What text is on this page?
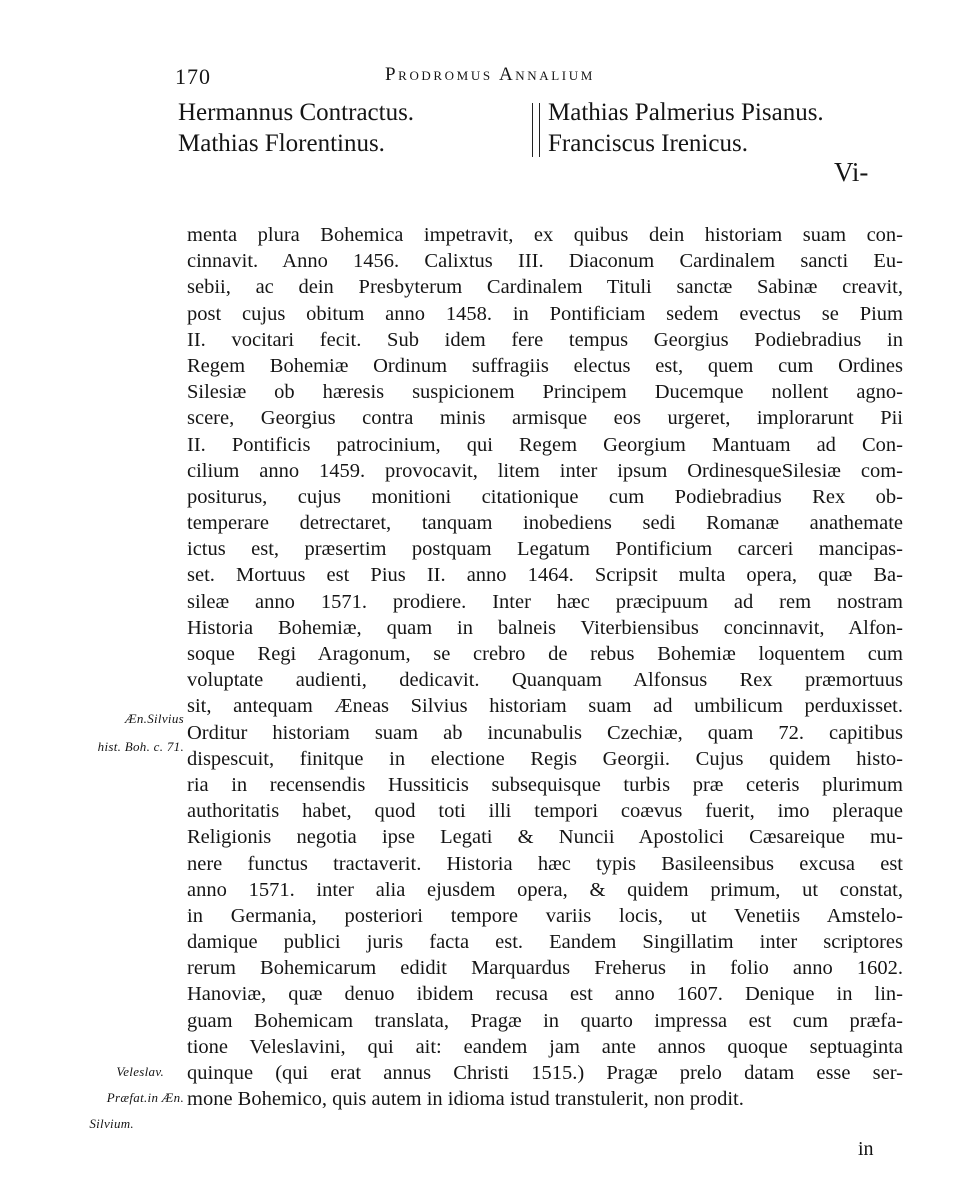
170	Prodromus Annalium
Hermannus Contractus.
Mathias Florentinus.
Mathias Palmerius Pisanus.
Franciscus Irenicus.
Vi-
menta plura Bohemica impetravit, ex quibus dein historiam suam con-
cinnavit. Anno 1456. Calixtus III. Diaconum Cardinalem sancti Eu-
sebii, ac dein Presbyterum Cardinalem Tituli sanctæ Sabinæ creavit,
post cujus obitum anno 1458. in Pontificiam sedem evectus se Pium
II. vocitari fecit. Sub idem fere tempus Georgius Podiebradius in
Regem Bohemiæ Ordinum suffragiis electus est, quem cum Ordines
Silesiæ ob hæresis suspicionem Principem Ducemque nollent agno-
scere, Georgius contra minis armisque eos urgeret, implorarunt Pii
II. Pontificis patrocinium, qui Regem Georgium Mantuam ad Con-
cilium anno 1459. provocavit, litem inter ipsum OrdinesqueSilesiæ com-
positurus, cujus monitioni citationique cum Podiebradius Rex ob-
temperare detrectaret, tanquam inobediens sedi Romanæ anathemate
ictus est, præsertim postquam Legatum Pontificium carceri mancipas-
set. Mortuus est Pius II. anno 1464. Scripsit multa opera, quæ Ba-
sileæ anno 1571. prodiere. Inter hæc præcipuum ad rem nostram
Historia Bohemiæ, quam in balneis Viterbiensibus concinnavit, Alfon-
soque Regi Aragonum, se crebro de rebus Bohemiæ loquentem cum
voluptate audienti, dedicavit. Quanquam Alfonsus Rex præmortuus
sit, antequam Æneas Silvius historiam suam ad umbilicum perduxisset.
Orditur historiam suam ab incunabulis Czechiæ, quam 72. capitibus
dispescuit, finitque in electione Regis Georgii. Cujus quidem histo-
ria in recensendis Hussiticis subsequisque turbis præ ceteris plurimum
authoritatis habet, quod toti illi tempori coævus fuerit, imo pleraque
Religionis negotia ipse Legati & Nuncii Apostolici Cæsareique mu-
nere functus tractaverit. Historia hæc typis Basileensibus excusa est
anno 1571. inter alia ejusdem opera, & quidem primum, ut constat,
in Germania, posteriori tempore variis locis, ut Venetiis Amstelo-
damique publici juris facta est. Eandem Singillatim inter scriptores
rerum Bohemicarum edidit Marquardus Freherus in folio anno 1602.
Hanoviæ, quæ denuo ibidem recusa est anno 1607. Denique in lin-
guam Bohemicam translata, Pragæ in quarto impressa est cum præfa-
tione Veleslavini, qui ait: eandem jam ante annos quoque septuaginta
quinque (qui erat annus Christi 1515.) Pragæ prelo datam esse ser-
mone Bohemico, quis autem in idioma istud transtulerit, non prodit.
Æn.Silvius
hist. Boh. c. 71.
Veleslav.
Præfat.in Æn.
Silvium.
in
